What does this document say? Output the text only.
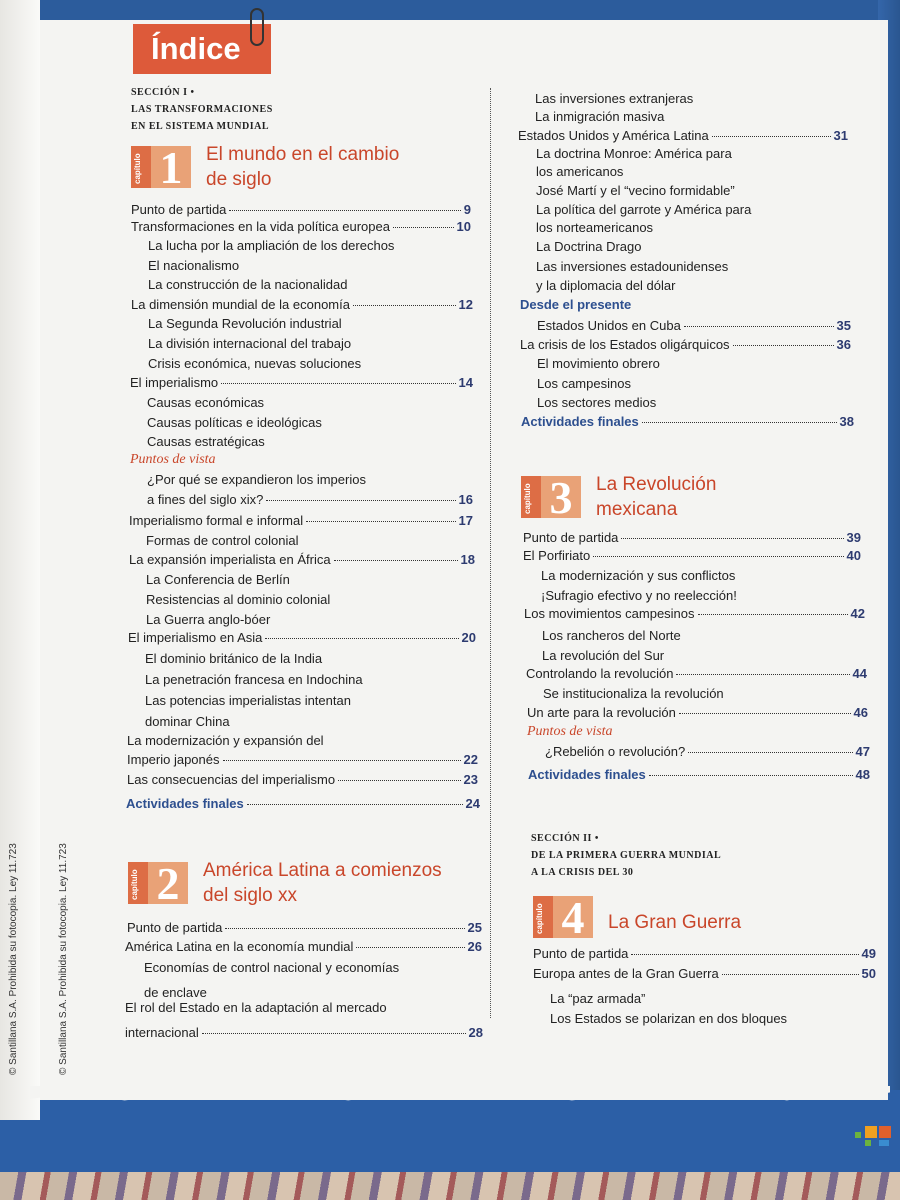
© Santillana S.A. Prohibida su fotocopia. Ley 11.723	© Santillana S.A. Prohibida su fotocopia. Ley 11.723
Índice
SECCIÓN I •
LAS TRANSFORMACIONES
EN EL SISTEMA MUNDIAL
capítulo 1	El mundo en el cambio
de siglo
Punto de partida	9
Transformaciones en la vida política europea	10
La lucha por la ampliación de los derechos
El nacionalismo
La construcción de la nacionalidad
La dimensión mundial de la economía	12
La Segunda Revolución industrial
La división internacional del trabajo
Crisis económica, nuevas soluciones
El imperialismo	14
Causas económicas
Causas políticas e ideológicas
Causas estratégicas
Puntos de vista
¿Por qué se expandieron los imperios
a fines del siglo xix?	16
Imperialismo formal e informal	17
Formas de control colonial
La expansión imperialista en África	18
La Conferencia de Berlín
Resistencias al dominio colonial
La Guerra anglo-bóer
El imperialismo en Asia	20
El dominio británico de la India
La penetración francesa en Indochina
Las potencias imperialistas intentan
dominar China
La modernización y expansión del
Imperio japonés	22
Las consecuencias del imperialismo	23
Actividades finales	24
capítulo 2	América Latina a comienzos
del siglo xx
Punto de partida	25
América Latina en la economía mundial	26
Economías de control nacional y economías
de enclave
El rol del Estado en la adaptación al mercado
internacional	28
Las inversiones extranjeras
La inmigración masiva
Estados Unidos y América Latina	31
La doctrina Monroe: América para
los americanos
José Martí y el “vecino formidable”
La política del garrote y América para
los norteamericanos
La Doctrina Drago
Las inversiones estadounidenses
y la diplomacia del dólar
Desde el presente
Estados Unidos en Cuba	35
La crisis de los Estados oligárquicos	36
El movimiento obrero
Los campesinos
Los sectores medios
Actividades finales	38
capítulo 3	La Revolución
mexicana
Punto de partida	39
El Porfiriato	40
La modernización y sus conflictos
¡Sufragio efectivo y no reelección!
Los movimientos campesinos	42
Los rancheros del Norte
La revolución del Sur
Controlando la revolución	44
Se institucionaliza la revolución
Un arte para la revolución	46
Puntos de vista
¿Rebelión o revolución?	47
Actividades finales	48
SECCIÓN II •
DE LA PRIMERA GUERRA MUNDIAL
A LA CRISIS DEL 30
capítulo 4	La Gran Guerra
Punto de partida	49
Europa antes de la Gran Guerra	50
La “paz armada”
Los Estados se polarizan en dos bloques
